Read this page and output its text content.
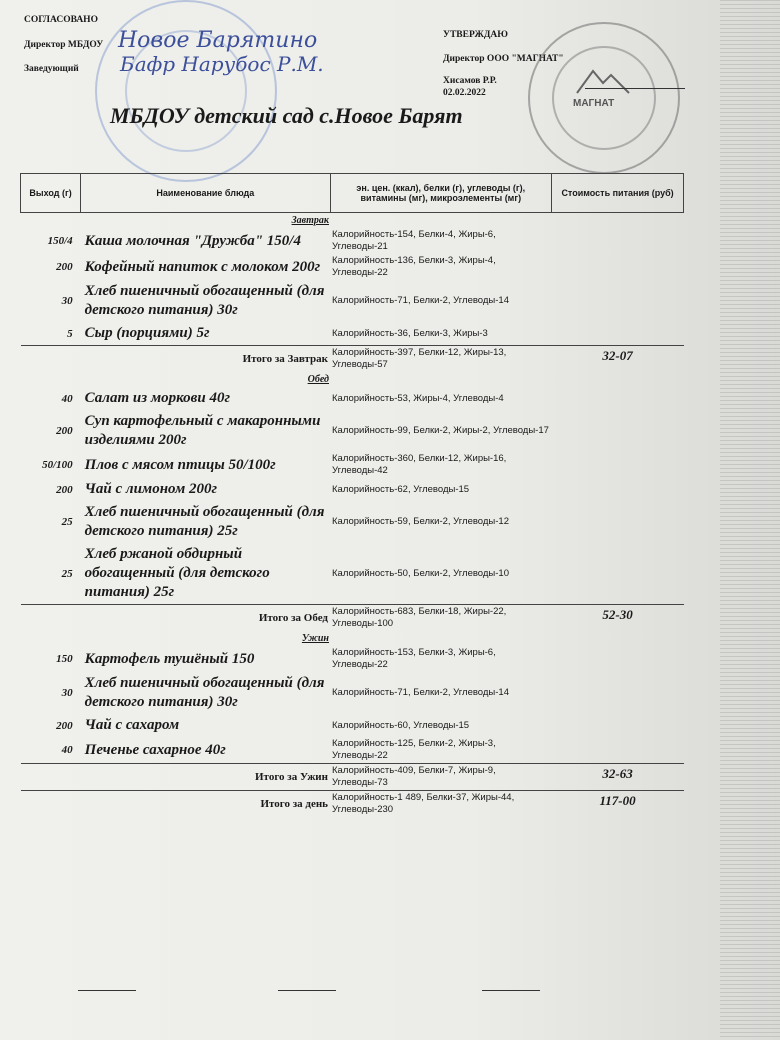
СОГЛАСОВАНО
Директор МБДОУ
Заведующий
Новое Барятино
Бафр Нарубос Р.М.
УТВЕРЖДАЮ
Директор ООО "МАГНАТ"
Хисамов Р.Р.
02.02.2022
МАГНАТ
МБДОУ детский сад с.Новое Барят
Выход (г)	Наименование блюда	эн. цен. (ккал), белки (г), углеводы (г), витамины (мг), микроэлементы (мг)	Стоимость питания (руб)
	Завтрак		
150/4	Каша молочная "Дружба" 150/4	Калорийность-154, Белки-4, Жиры-6, Углеводы-21	
200	Кофейный напиток с молоком 200г	Калорийность-136, Белки-3, Жиры-4, Углеводы-22	
30	Хлеб пшеничный обогащенный (для детского питания) 30г	Калорийность-71, Белки-2, Углеводы-14	
5	Сыр (порциями) 5г	Калорийность-36, Белки-3, Жиры-3	
	Итого за Завтрак	Калорийность-397, Белки-12, Жиры-13, Углеводы-57	32-07
	Обед		
40	Салат из моркови 40г	Калорийность-53, Жиры-4, Углеводы-4	
200	Суп картофельный с макаронными изделиями 200г	Калорийность-99, Белки-2, Жиры-2, Углеводы-17	
50/100	Плов с мясом птицы 50/100г	Калорийность-360, Белки-12, Жиры-16, Углеводы-42	
200	Чай с лимоном 200г	Калорийность-62, Углеводы-15	
25	Хлеб пшеничный обогащенный (для детского питания) 25г	Калорийность-59, Белки-2, Углеводы-12	
25	Хлеб ржаной обдирный обогащенный (для детского питания) 25г	Калорийность-50, Белки-2, Углеводы-10	
	Итого за Обед	Калорийность-683, Белки-18, Жиры-22, Углеводы-100	52-30
	Ужин		
150	Картофель тушёный 150	Калорийность-153, Белки-3, Жиры-6, Углеводы-22	
30	Хлеб пшеничный обогащенный (для детского питания) 30г	Калорийность-71, Белки-2, Углеводы-14	
200	Чай с сахаром	Калорийность-60, Углеводы-15	
40	Печенье сахарное 40г	Калорийность-125, Белки-2, Жиры-3, Углеводы-22	
	Итого за Ужин	Калорийность-409, Белки-7, Жиры-9, Углеводы-73	32-63
	Итого за день	Калорийность-1 489, Белки-37, Жиры-44, Углеводы-230	117-00
